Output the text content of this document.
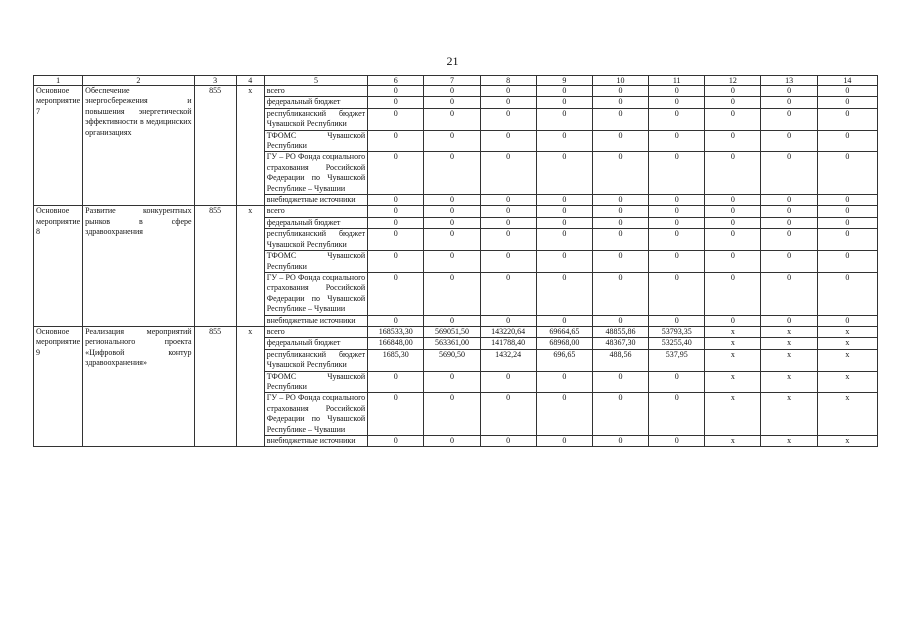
21
1	2	3	4	5	6	7	8	9	10	11	12	13	14
Основное мероприятие 7	Обеспечение энергосбережения и повышения энергетической эффективности в медицинских организациях	855	x	всего	0	0	0	0	0	0	0	0	0
				федеральный бюджет	0	0	0	0	0	0	0	0	0
				республиканский бюджет Чувашской Республики	0	0	0	0	0	0	0	0	0
				ТФОМС Чувашской Республики	0	0	0	0	0	0	0	0	0
				ГУ – РО Фонда социального страхования Российской Федерации по Чувашской Республике – Чувашии	0	0	0	0	0	0	0	0	0
				внебюджетные источники	0	0	0	0	0	0	0	0	0
Основное мероприятие 8	Развитие конкурентных рынков в сфере здравоохранения	855	x	всего	0	0	0	0	0	0	0	0	0
				федеральный бюджет	0	0	0	0	0	0	0	0	0
				республиканский бюджет Чувашской Республики	0	0	0	0	0	0	0	0	0
				ТФОМС Чувашской Республики	0	0	0	0	0	0	0	0	0
				ГУ – РО Фонда социального страхования Российской Федерации по Чувашской Республике – Чувашии	0	0	0	0	0	0	0	0	0
				внебюджетные источники	0	0	0	0	0	0	0	0	0
Основное мероприятие 9	Реализация мероприятий регионального проекта «Цифровой контур здравоохранения»	855	x	всего	168533,30	569051,50	143220,64	69664,65	48855,86	53793,35	x	x	x
				федеральный бюджет	166848,00	563361,00	141788,40	68968,00	48367,30	53255,40	x	x	x
				республиканский бюджет Чувашской Республики	1685,30	5690,50	1432,24	696,65	488,56	537,95	x	x	x
				ТФОМС Чувашской Республики	0	0	0	0	0	0	x	x	x
				ГУ – РО Фонда социального страхования Российской Федерации по Чувашской Республике – Чувашии	0	0	0	0	0	0	x	x	x
				внебюджетные источники	0	0	0	0	0	0	x	x	x
